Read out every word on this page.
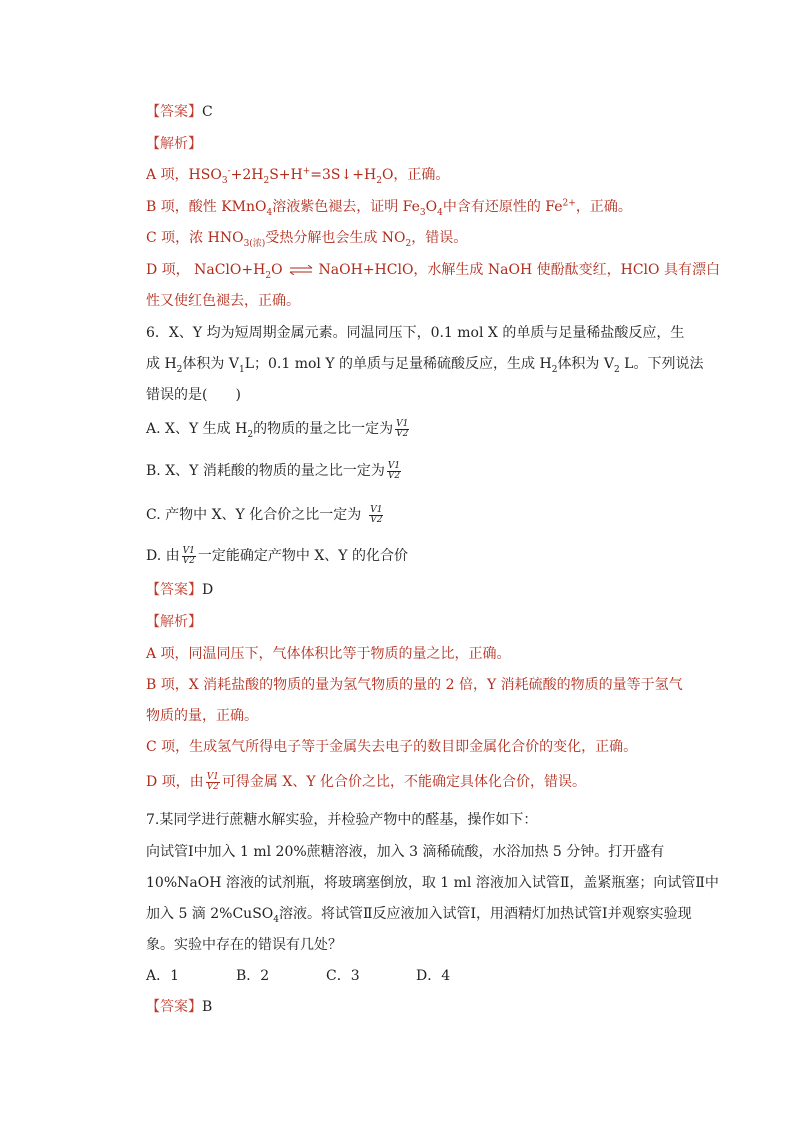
【答案】C
【解析】
A 项，$HSO_3^-+2H_2S+H^+=3S↓+H_2O$，正确。
B 项，酸性 KMnO$_4$溶液紫色褪去，证明 $Fe_3O_4$中含有还原性的 $Fe^{2+}$，正确。
C 项，浓 $HNO_{3(浓)}$受热分解也会生成 $NO_2$，错误。
D 项， $NaClO+H_2O$ ⇌ NaOH+HClO，水解生成 NaOH 使酚酞变红，HClO 具有漂白
性又使红色褪去，正确。
6．X、Y 均为短周期金属元素。同温同压下，0.1 mol X 的单质与足量稀盐酸反应，生
成 $H_2$体积为 $V_1L$；0.1 mol Y 的单质与足量稀硫酸反应，生成 $H_2$体积为 $V_2$ L。下列说法
错误的是(　　)
A. X、Y 生成 $H_2$的物质的量之比一定为 $\frac{V1}{V2}$
B. X、Y 消耗酸的物质的量之比一定为 $\frac{V1}{V2}$
C. 产物中 X、Y 化合价之比一定为 $\frac{V1}{V2}$
D. 由 $\frac{V1}{V2}$ 一定能确定产物中 X、Y 的化合价
【答案】D
【解析】
A 项，同温同压下，气体体积比等于物质的量之比，正确。
B 项，X 消耗盐酸的物质的量为氢气物质的量的 2 倍，Y 消耗硫酸的物质的量等于氢气
物质的量，正确。
C 项，生成氢气所得电子等于金属失去电子的数目即金属化合价的变化，正确。
D 项，由 $\frac{V1}{V2}$ 可得金属 X、Y 化合价之比，不能确定具体化合价，错误。
7.某同学进行蔗糖水解实验，并检验产物中的醛基，操作如下：
向试管Ⅰ中加入 1 ml 20%蔗糖溶液，加入 3 滴稀硫酸，水浴加热 5 分钟。打开盛有
10%NaOH 溶液的试剂瓶，将玻璃塞倒放，取 1 ml 溶液加入试管Ⅱ，盖紧瓶塞；向试管Ⅱ中
加入 5 滴 2%CuSO$_4$溶液。将试管Ⅱ反应液加入试管Ⅰ，用酒精灯加热试管Ⅰ并观察实验现
象。实验中存在的错误有几处？
A．1	B．2	C．3	D．4
【答案】B
